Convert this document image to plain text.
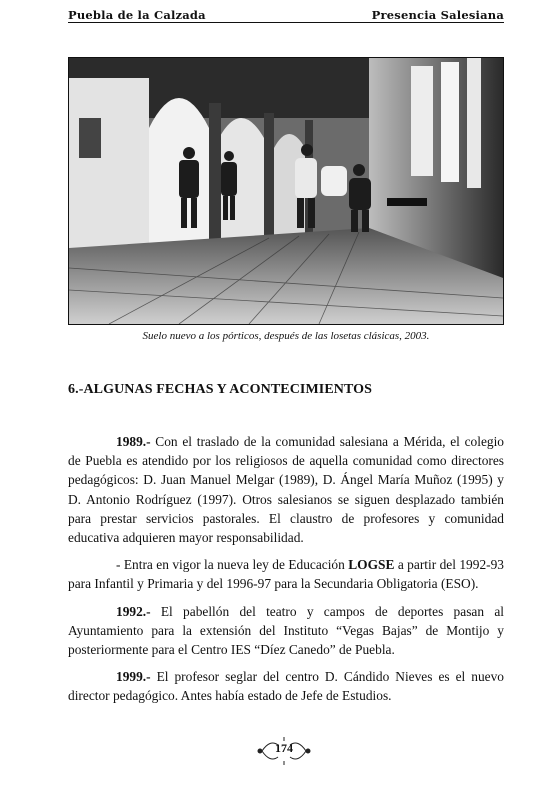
Puebla de la Calzada	Presencia Salesiana
Suelo nuevo a los pórticos, después de las losetas clásicas, 2003.
6.-ALGUNAS FECHAS Y ACONTECIMIENTOS

1989.- Con el traslado de la comunidad salesiana a Mérida, el colegio de Puebla es atendido por los religiosos de aquella comunidad como directores pedagógicos: D. Juan Manuel Melgar (1989), D. Ángel María Muñoz (1995) y D. Antonio Rodríguez (1997). Otros salesianos se siguen desplazado también para prestar servicios pastorales. El claustro de profesores y comunidad educativa adquieren mayor responsabilidad.

- Entra en vigor la nueva ley de Educación LOGSE a partir del 1992-93 para Infantil y Primaria y del 1996-97 para la Secundaria Obligatoria (ESO).

1992.- El pabellón del teatro y campos de deportes pasan al Ayuntamiento para la extensión del Instituto “Vegas Bajas” de Montijo y posteriormente para el Centro IES “Díez Canedo” de Puebla.

1999.- El profesor seglar del centro D. Cándido Nieves es el nuevo director pedagógico. Antes había estado de Jefe de Estudios.

174
